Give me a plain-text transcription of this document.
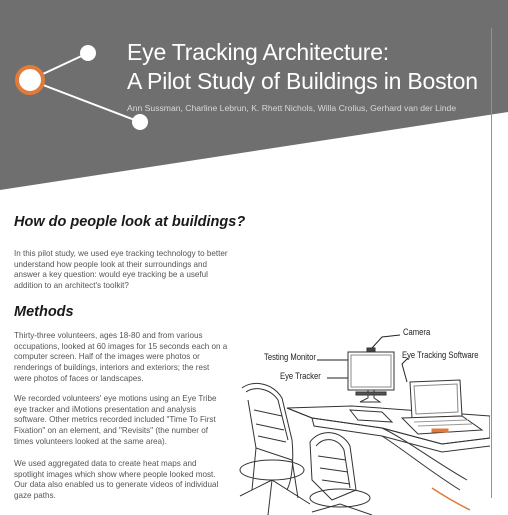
Eye Tracking Architecture:
A Pilot Study of Buildings in Boston
Ann Sussman, Charline Lebrun, K. Rhett Nichols, Willa Crolius, Gerhard van der Linde
How do people look at buildings?

In this pilot study, we used eye tracking technology to better understand how people look at their surroundings and answer a key question: would eye tracking be a useful addition to an architect's toolkit?

Methods

Thirty-three volunteers, ages 18-80 and from various occupations, looked at 60 images for 15 seconds each on a computer screen. Half of the images were photos or renderings of buildings, interiors and exteriors; the rest were photos of faces or landscapes.

We recorded volunteers' eye motions using an Eye Tribe eye tracker and iMotions presentation and analysis software. Other metrics recorded included "Time To First Fixation" on an element, and "Revisits" (the number of times volunteers looked at the same area).

We used aggregated data to create heat maps and spotlight images which show where people looked most. Our data also enabled us to generate videos of individual gaze paths.

Camera
Testing Monitor	Eye Tracking Software
Eye Tracker
